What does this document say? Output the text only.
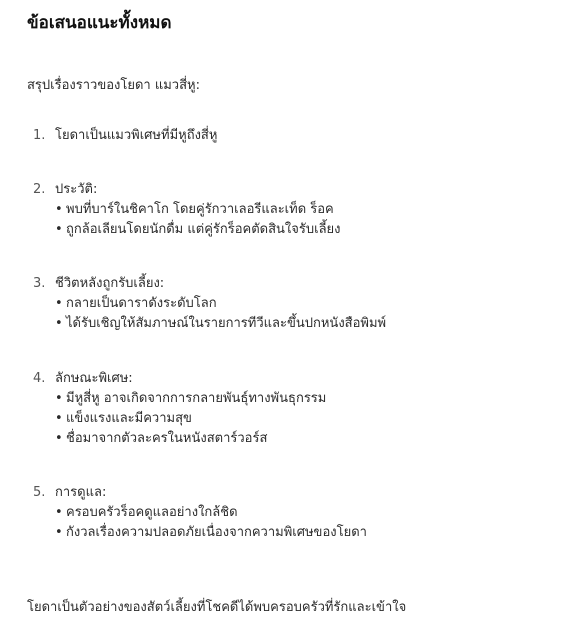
ข้อเสนอแนะทั้งหมด
สรุปเรื่องราวของโยดา แมวสี่หู:
1. โยดาเป็นแมวพิเศษที่มีหูถึงสี่หู
2. ประวัติ:
• พบที่บาร์ในชิคาโก โดยคู่รักวาเลอรีและเท็ด ร็อค
• ถูกล้อเลียนโดยนักดื่ม แต่คู่รักร็อคตัดสินใจรับเลี้ยง
3. ชีวิตหลังถูกรับเลี้ยง:
• กลายเป็นดาราดังระดับโลก
• ได้รับเชิญให้สัมภาษณ์ในรายการทีวีและขึ้นปกหนังสือพิมพ์
4. ลักษณะพิเศษ:
• มีหูสี่หู อาจเกิดจากการกลายพันธุ์ทางพันธุกรรม
• แข็งแรงและมีความสุข
• ชื่อมาจากตัวละครในหนังสตาร์วอร์ส
5. การดูแล:
• ครอบครัวร็อคดูแลอย่างใกล้ชิด
• กังวลเรื่องความปลอดภัยเนื่องจากความพิเศษของโยดา
โยดาเป็นตัวอย่างของสัตว์เลี้ยงที่โชคดีได้พบครอบครัวที่รักและเข้าใจ
